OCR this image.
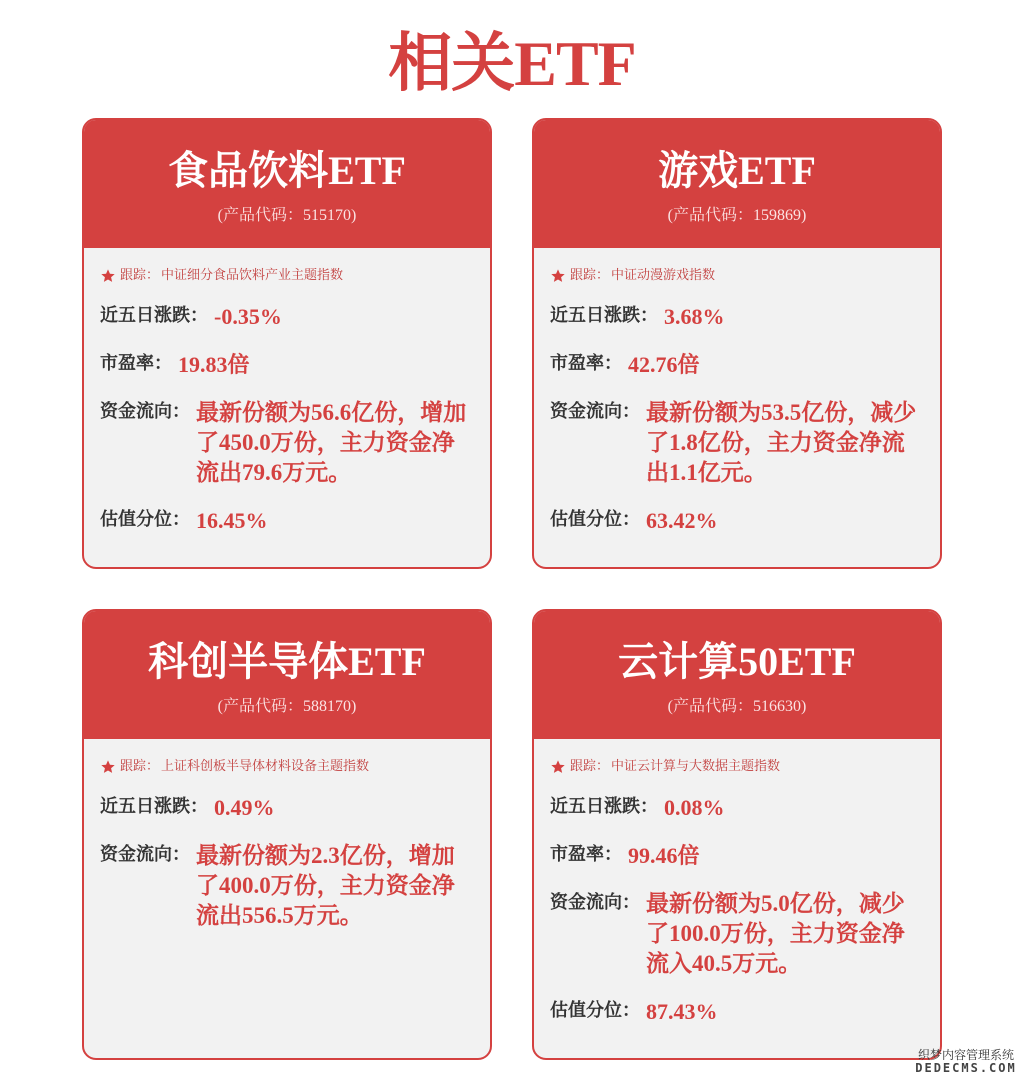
相关ETF
食品饮料ETF
(产品代码：515170)
跟踪： 中证细分食品饮料产业主题指数
近五日涨跌： -0.35%
市盈率： 19.83倍
资金流向： 最新份额为56.6亿份，增加了450.0万份，主力资金净流出79.6万元。
估值分位： 16.45%
游戏ETF
(产品代码：159869)
跟踪： 中证动漫游戏指数
近五日涨跌： 3.68%
市盈率： 42.76倍
资金流向： 最新份额为53.5亿份，减少了1.8亿份，主力资金净流出1.1亿元。
估值分位： 63.42%
科创半导体ETF
(产品代码：588170)
跟踪： 上证科创板半导体材料设备主题指数
近五日涨跌： 0.49%
资金流向： 最新份额为2.3亿份，增加了400.0万份，主力资金净流出556.5万元。
云计算50ETF
(产品代码：516630)
跟踪： 中证云计算与大数据主题指数
近五日涨跌： 0.08%
市盈率： 99.46倍
资金流向： 最新份额为5.0亿份，减少了100.0万份，主力资金净流入40.5万元。
估值分位： 87.43%
织梦内容管理系统
DEDECMS.COM
